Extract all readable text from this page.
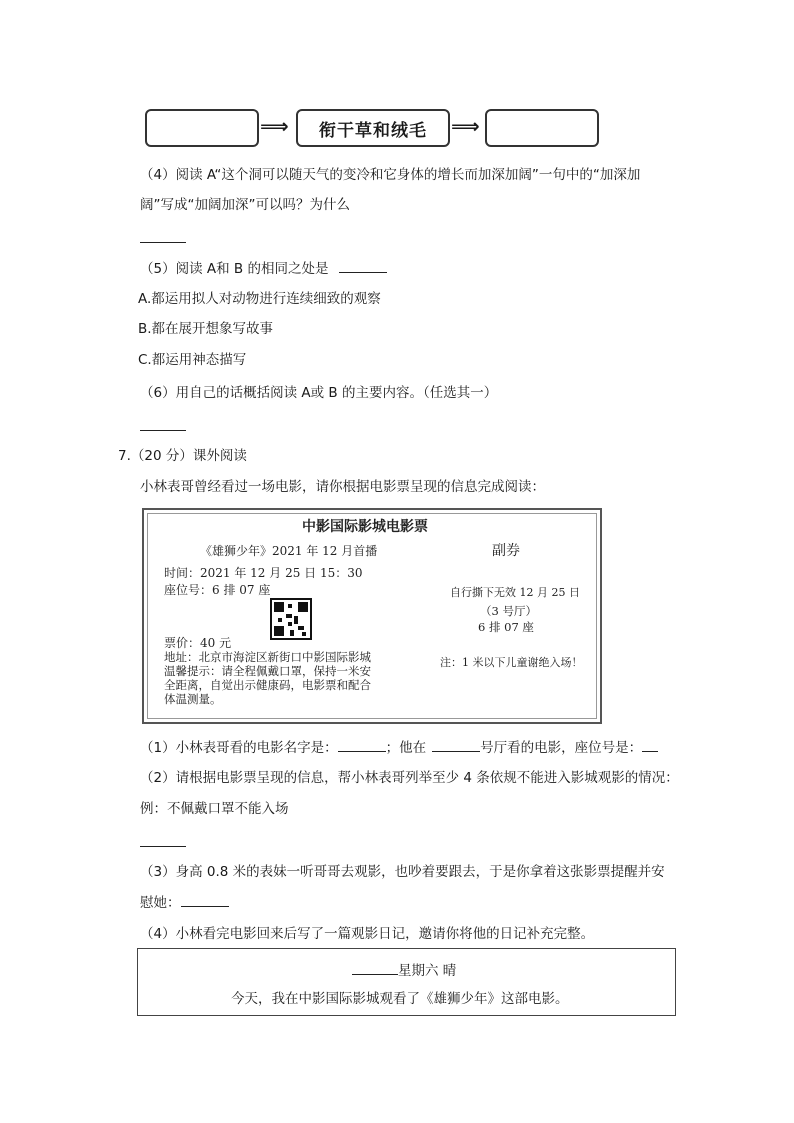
⟹ 衔干草和绒毛 ⟹
（4）阅读 A“这个洞可以随天气的变冷和它身体的增长而加深加阔”一句中的“加深加
阔”写成“加阔加深”可以吗？为什么
（5）阅读 A和 B 的相同之处是
A.都运用拟人对动物进行连续细致的观察
B.都在展开想象写故事
C.都运用神态描写
（6）用自己的话概括阅读 A或 B 的主要内容。（任选其一）
7.（20 分）课外阅读
小林表哥曾经看过一场电影，请你根据电影票呈现的信息完成阅读：
中影国际影城电影票
《雄狮少年》2021 年 12 月首播	副券
时间：2021 年 12 月 25 日 15：30
座位号：6 排 07 座
票价：40 元
地址：北京市海淀区新街口中影国际影城
温馨提示：请全程佩戴口罩，保持一米安
全距离，自觉出示健康码，电影票和配合
体温测量。
自行撕下无效 12 月 25 日
（3 号厅）
6 排 07 座
注：1 米以下儿童谢绝入场！
（1）小林表哥看的电影名字是：	；他在	号厅看的电影，座位号是：
（2）请根据电影票呈现的信息，帮小林表哥列举至少 4 条依规不能进入影城观影的情况：
例：不佩戴口罩不能入场
（3）身高 0.8 米的表妹一听哥哥去观影，也吵着要跟去，于是你拿着这张影票提醒并安
慰她：
（4）小林看完电影回来后写了一篇观影日记，邀请你将他的日记补充完整。
星期六 晴
今天，我在中影国际影城观看了《雄狮少年》这部电影。
